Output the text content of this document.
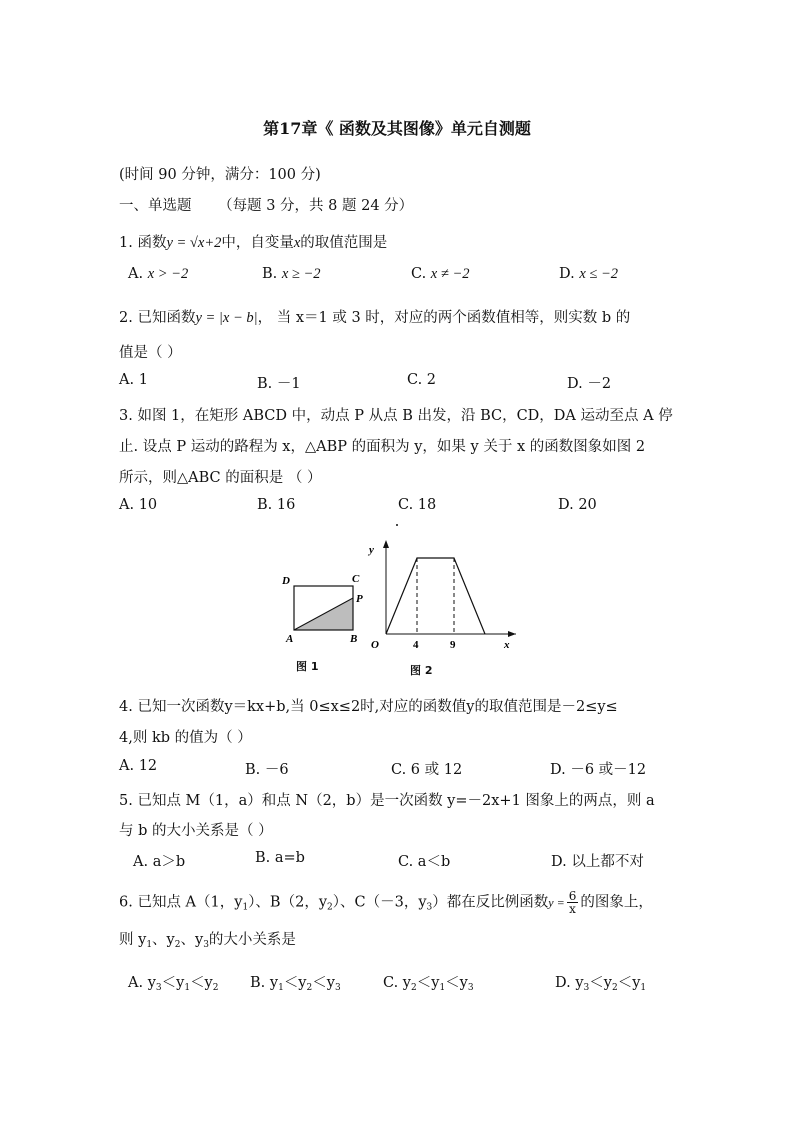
第17章《 函数及其图像》单元自测题
(时间 90 分钟，满分：100 分)
一、单选题 （每题 3 分，共 8 题 24 分）
1. 函数y = √x+2中，自变量x的取值范围是
A. x > −2	B. x ≥ −2	C. x ≠ −2	D. x ≤ −2
2. 已知函数y = |x − b|， 当 x＝1 或 3 时，对应的两个函数值相等，则实数 b 的
值是（ ）
A. 1	B. －1	C. 2	D. －2
3. 如图 1，在矩形 ABCD 中，动点 P 从点 B 出发，沿 BC，CD，DA 运动至点 A 停
止. 设点 P 运动的路程为 x，△ABP 的面积为 y，如果 y 关于 x 的函数图象如图 2
所示，则△ABC 的面积是 （ ）
A. 10	B. 16	C. 18	D. 20
D	C
P
A	B
图 1
y
O	4	9	x
图 2
4. 已知一次函数y＝kx+b,当 0≤x≤2时,对应的函数值y的取值范围是－2≤y≤
4,则 kb 的值为（ ）
A. 12	B. －6	C. 6 或 12	D. －6 或－12
5. 已知点 M（1，a）和点 N（2，b）是一次函数 y=－2x+1 图象上的两点，则 a
与 b 的大小关系是（ ）
A. a＞b	B. a=b	C. a＜b	D. 以上都不对
6. 已知点 A（1，$y_1$）、B（2，$y_2$）、C（－3，$y_3$）都在反比例函数$y = \frac{6}{x}$ 的图象上，
则 $y_1$、$y_2$、$y_3$的大小关系是
A. $y_3<y_1<y_2$ B. $y_1<y_2<y_3$	C. $y_2<y_1<y_3$	D. $y_3<y_2<y_1$
